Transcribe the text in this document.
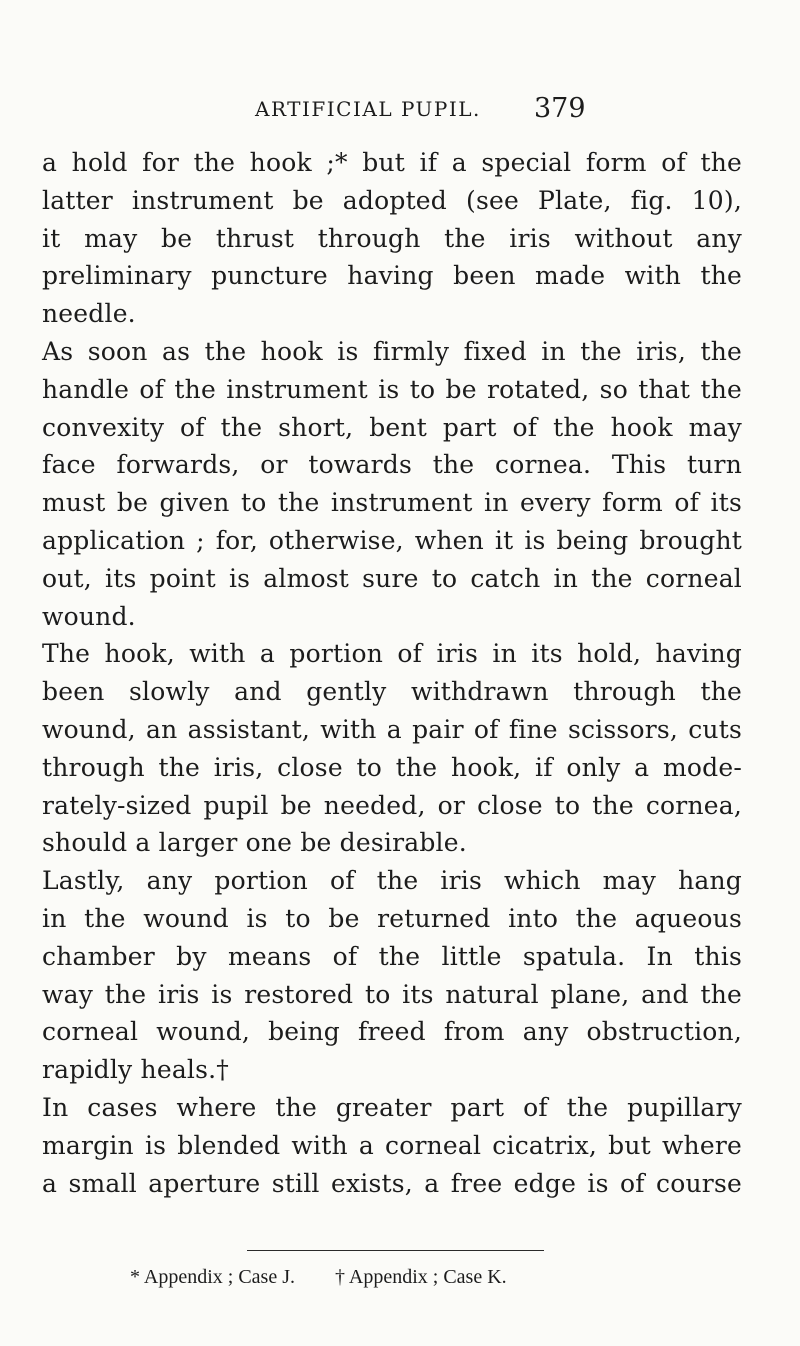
ARTIFICIAL PUPIL. 379
a hold for the hook ;* but if a special form of the
latter instrument be adopted (see Plate, fig. 10),
it may be thrust through the iris without any
preliminary puncture having been made with the
needle.
As soon as the hook is firmly fixed in the iris, the
handle of the instrument is to be rotated, so that the
convexity of the short, bent part of the hook may
face forwards, or towards the cornea. This turn
must be given to the instrument in every form of its
application ; for, otherwise, when it is being brought
out, its point is almost sure to catch in the corneal
wound.
The hook, with a portion of iris in its hold, having
been slowly and gently withdrawn through the
wound, an assistant, with a pair of fine scissors, cuts
through the iris, close to the hook, if only a mode-
rately-sized pupil be needed, or close to the cornea,
should a larger one be desirable.
Lastly, any portion of the iris which may hang
in the wound is to be returned into the aqueous
chamber by means of the little spatula. In this
way the iris is restored to its natural plane, and the
corneal wound, being freed from any obstruction,
rapidly heals.†
In cases where the greater part of the pupillary
margin is blended with a corneal cicatrix, but where
a small aperture still exists, a free edge is of course
* Appendix ; Case J. † Appendix ; Case K.
